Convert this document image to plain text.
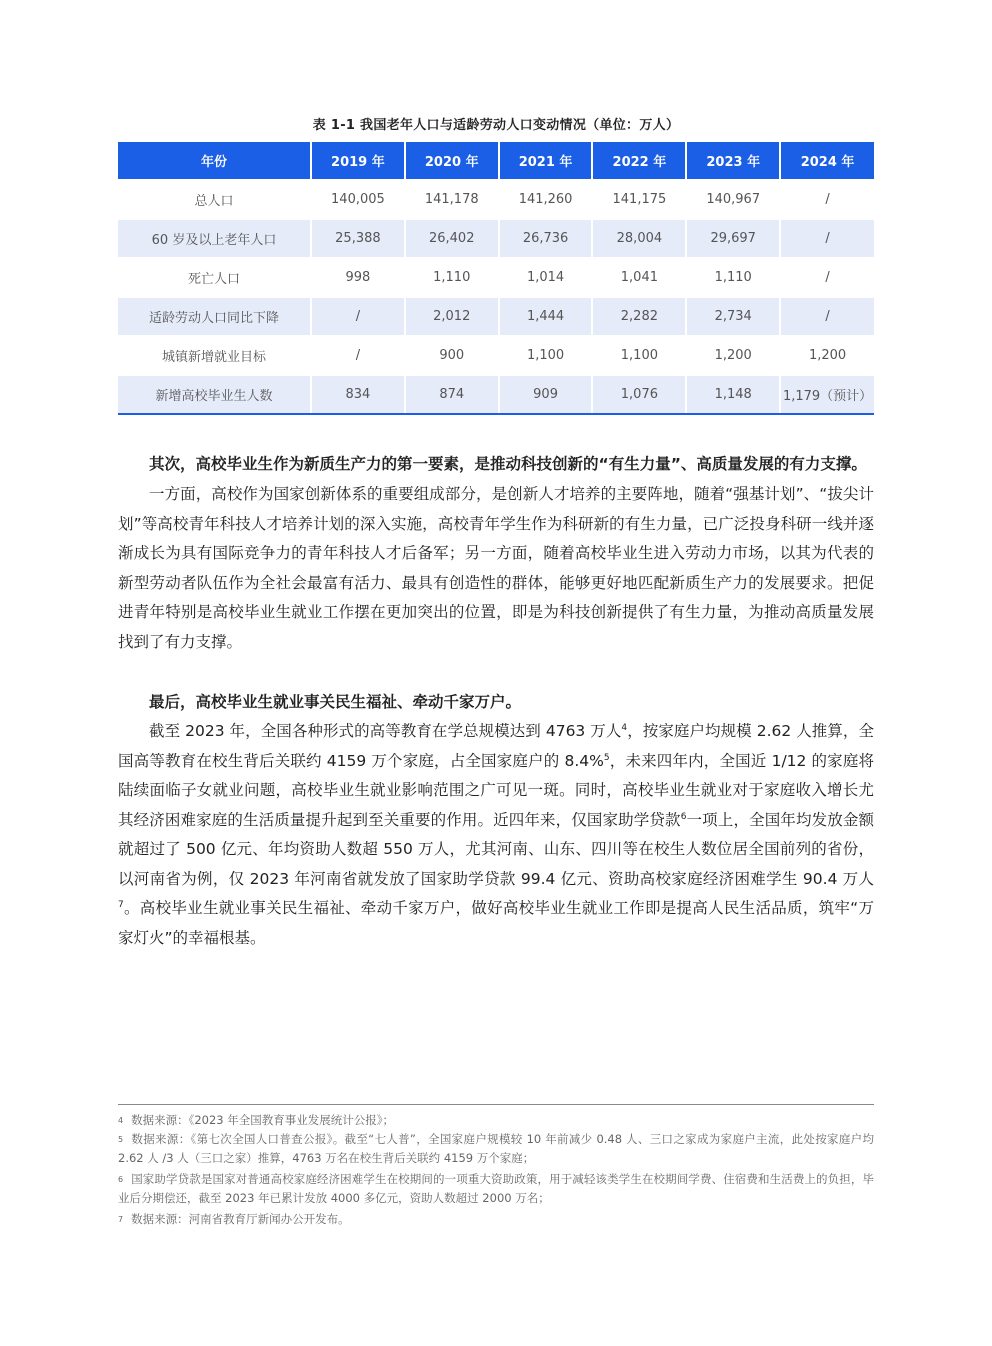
表 1-1 我国老年人口与适龄劳动人口变动情况（单位：万人）
年份	2019 年	2020 年	2021 年	2022 年	2023 年	2024 年
总人口	140,005	141,178	141,260	141,175	140,967	/
60 岁及以上老年人口	25,388	26,402	26,736	28,004	29,697	/
死亡人口	998	1,110	1,014	1,041	1,110	/
适龄劳动人口同比下降	/	2,012	1,444	2,282	2,734	/
城镇新增就业目标	/	900	1,100	1,100	1,200	1,200
新增高校毕业生人数	834	874	909	1,076	1,148	1,179（预计）

其次，高校毕业生作为新质生产力的第一要素，是推动科技创新的“有生力量”、高质量发展的有力支撑。

一方面，高校作为国家创新体系的重要组成部分，是创新人才培养的主要阵地，随着“强基计划”、“拔尖计划”等高校青年科技人才培养计划的深入实施，高校青年学生作为科研新的有生力量，已广泛投身科研一线并逐渐成长为具有国际竞争力的青年科技人才后备军；另一方面，随着高校毕业生进入劳动力市场，以其为代表的新型劳动者队伍作为全社会最富有活力、最具有创造性的群体，能够更好地匹配新质生产力的发展要求。把促进青年特别是高校毕业生就业工作摆在更加突出的位置，即是为科技创新提供了有生力量，为推动高质量发展找到了有力支撑。

最后，高校毕业生就业事关民生福祉、牵动千家万户。

截至 2023 年，全国各种形式的高等教育在学总规模达到 4763 万人$^4$，按家庭户均规模 2.62 人推算，全国高等教育在校生背后关联约 4159 万个家庭，占全国家庭户的 8.4%$^5$，未来四年内，全国近 1/12 的家庭将陆续面临子女就业问题，高校毕业生就业影响范围之广可见一斑。同时，高校毕业生就业对于家庭收入增长尤其经济困难家庭的生活质量提升起到至关重要的作用。近四年来，仅国家助学贷款$^6$一项上，全国年均发放金额就超过了 500 亿元、年均资助人数超 550 万人，尤其河南、山东、四川等在校生人数位居全国前列的省份，以河南省为例，仅 2023 年河南省就发放了国家助学贷款 99.4 亿元、资助高校家庭经济困难学生 90.4 万人$^7$。高校毕业生就业事关民生福祉、牵动千家万户，做好高校毕业生就业工作即是提高人民生活品质，筑牢“万家灯火”的幸福根基。

$^4$ 数据来源：《2023 年全国教育事业发展统计公报》；

$^5$ 数据来源：《第七次全国人口普查公报》。截至“七人普”，全国家庭户规模较 10 年前减少 0.48 人、三口之家成为家庭户主流，此处按家庭户均 2.62 人 /3 人（三口之家）推算，4763 万名在校生背后关联约 4159 万个家庭；

$^6$ 国家助学贷款是国家对普通高校家庭经济困难学生在校期间的一项重大资助政策，用于减轻该类学生在校期间学费、住宿费和生活费上的负担，毕业后分期偿还，截至 2023 年已累计发放 4000 多亿元，资助人数超过 2000 万名；

$^7$ 数据来源：河南省教育厅新闻办公开发布。
